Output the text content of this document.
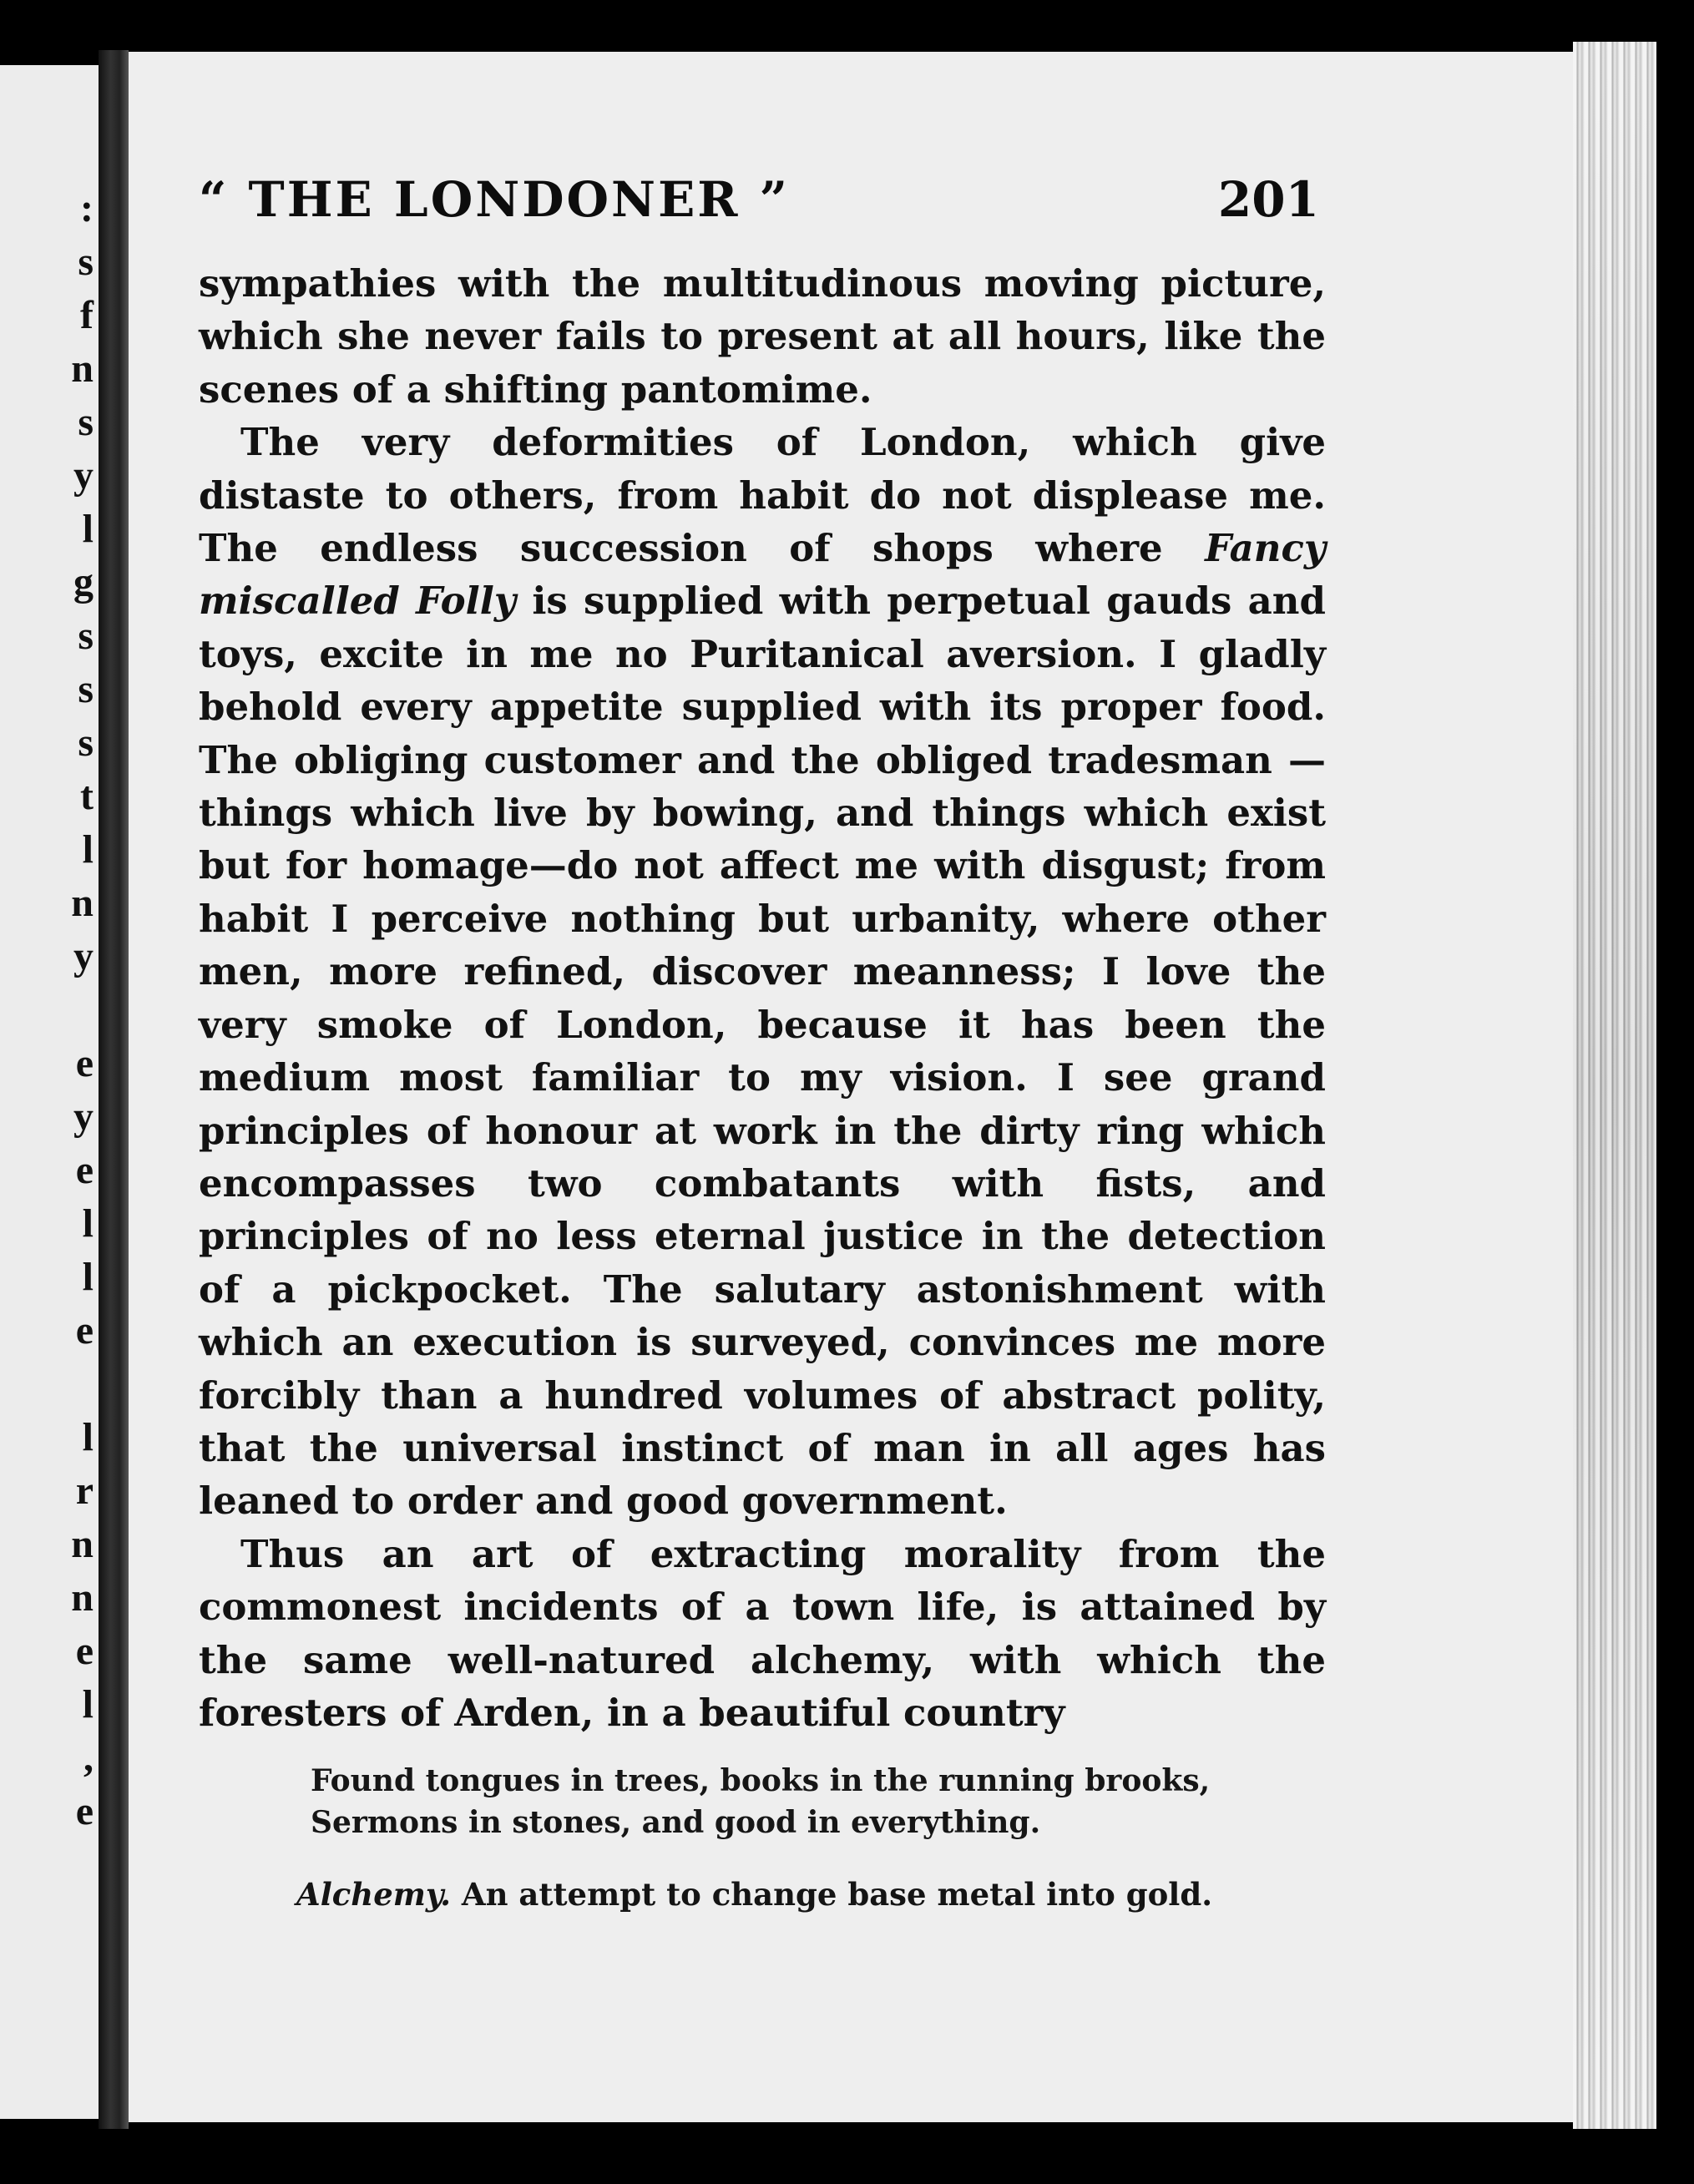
:
s
f
n
s
y
l
g
s
s
s
t
l
n
y

e
y
e
l
l
e

l
r
n
n
e
l
,
e
“ THE LONDONER ”	201

sympathies with the multitudinous moving picture, which she never fails to present at all hours, like the scenes of a shifting pantomime.

The very deformities of London, which give distaste to others, from habit do not displease me. The endless succession of shops where Fancy miscalled Folly is supplied with perpetual gauds and toys, excite in me no Puritanical aversion. I gladly behold every appetite supplied with its proper food. The obliging customer and the obliged tradesman —things which live by bowing, and things which exist but for homage—do not affect me with disgust; from habit I perceive nothing but urbanity, where other men, more refined, discover meanness; I love the very smoke of London, because it has been the medium most familiar to my vision. I see grand principles of honour at work in the dirty ring which encompasses two combatants with fists, and principles of no less eternal justice in the detection of a pickpocket. The salutary astonishment with which an execution is surveyed, convinces me more forcibly than a hundred volumes of abstract polity, that the universal instinct of man in all ages has leaned to order and good government.

Thus an art of extracting morality from the commonest incidents of a town life, is attained by the same well-natured alchemy, with which the foresters of Arden, in a beautiful country

Found tongues in trees, books in the running brooks,
Sermons in stones, and good in everything.
Alchemy. An attempt to change base metal into gold.
